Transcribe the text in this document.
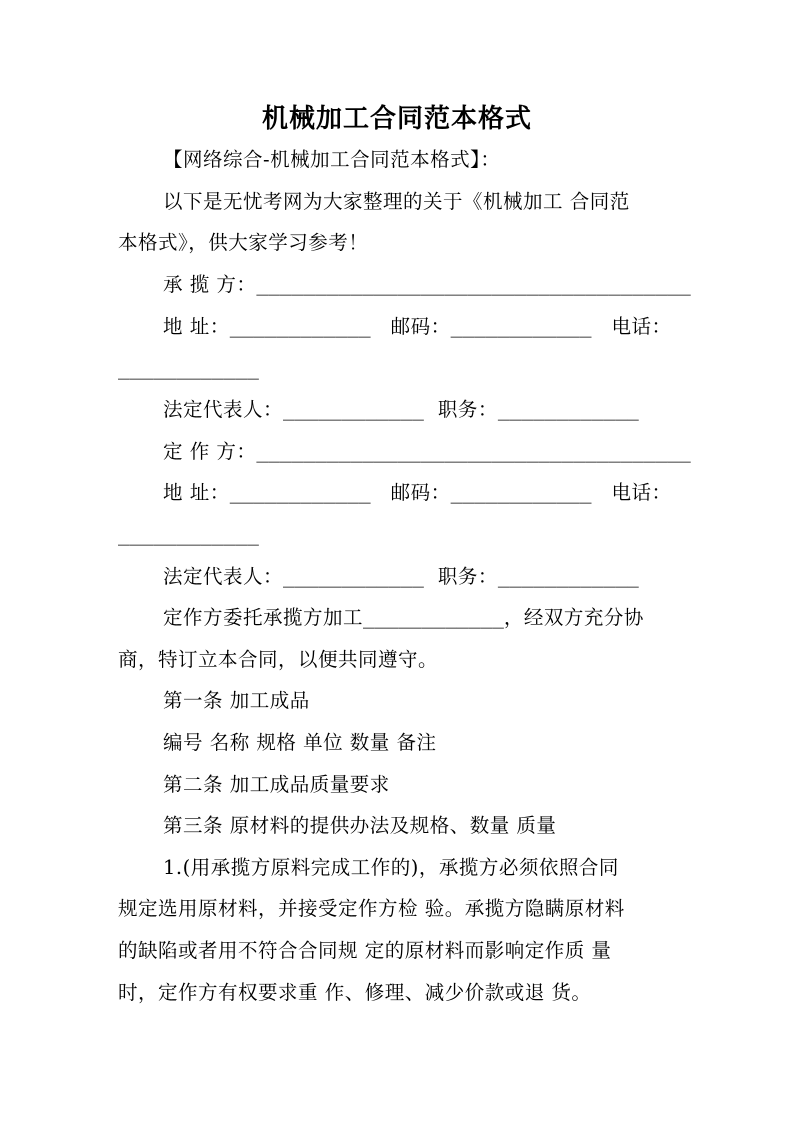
机械加工合同范本格式
【网络综合-机械加工合同范本格式】：
以下是无忧考网为大家整理的关于《机械加工 合同范
本格式》，供大家学习参考！
承 揽 方：_____________________________________
地 址：____________ 邮码：____________ 电话：
____________
法定代表人：____________ 职务：____________
定 作 方：_____________________________________
地 址：____________ 邮码：____________ 电话：
____________
法定代表人：____________ 职务：____________
定作方委托承揽方加工____________，经双方充分协
商，特订立本合同，以便共同遵守。
第一条 加工成品
编号 名称 规格 单位 数量 备注
第二条 加工成品质量要求
第三条 原材料的提供办法及规格、数量 质量
1.(用承揽方原料完成工作的)，承揽方必须依照合同
规定选用原材料，并接受定作方检 验。承揽方隐瞒原材料
的缺陷或者用不符合合同规 定的原材料而影响定作质 量
时，定作方有权要求重 作、修理、减少价款或退 货。
